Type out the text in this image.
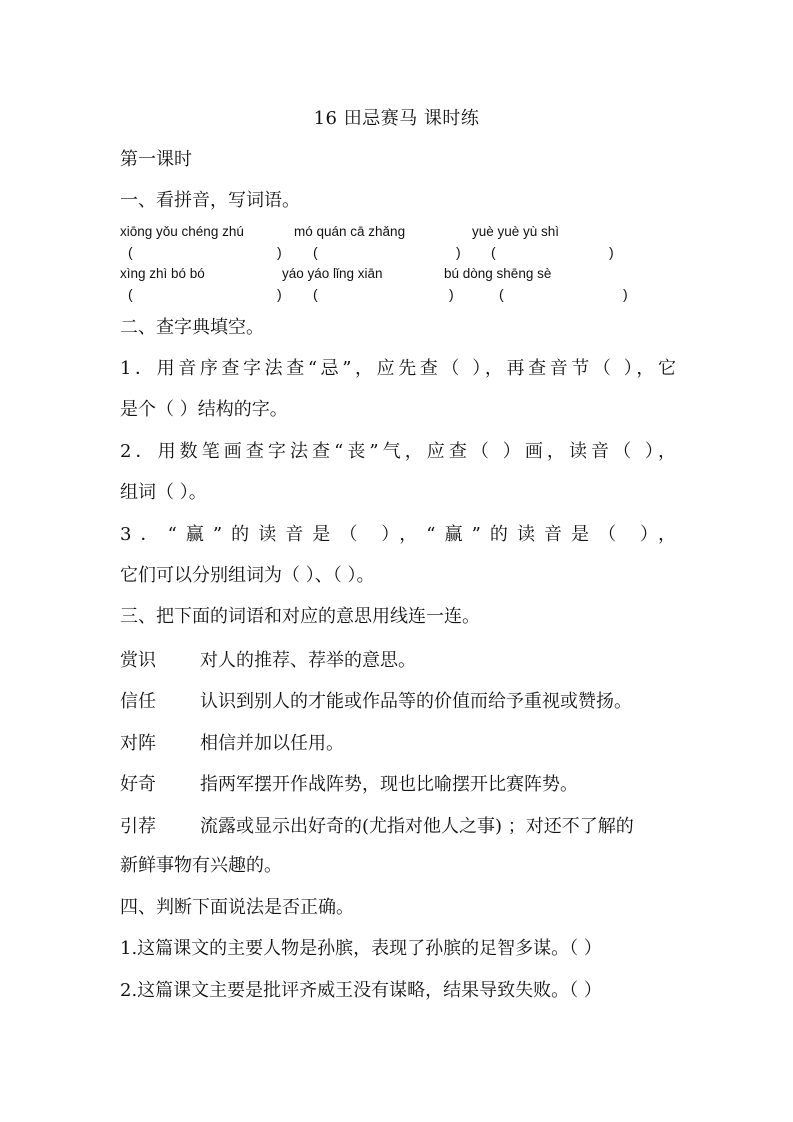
16 田忌赛马 课时练
第一课时
一、看拼音，写词语。
xiōng yǒu chéng zhú	mó quán cā zhǎng	yuè yuè yù shì
(	) (	) (	)
xìng zhì bó bó	yáo yáo lǐng xiān	bú dòng shēng sè
(	) (	)	(	)
二、查字典填空。
1．用音序查字法查“忌”，应先查（ ），再查音节（ ），它
是个（ ）结构的字。
2．用数笔画查字法查“丧”气，应查（ ）画，读音（ ），
组词（ ）。
3．“赢”的读音是（ ），“赢”的读音是（ ），
它们可以分别组词为（ ）、（ ）。
三、把下面的词语和对应的意思用线连一连。
赏识 对人的推荐、荐举的意思。
信任 认识到别人的才能或作品等的价值而给予重视或赞扬。
对阵 相信并加以任用。
好奇 指两军摆开作战阵势，现也比喻摆开比赛阵势。
引荐 流露或显示出好奇的(尤指对他人之事) ；对还不了解的
新鲜事物有兴趣的。
四、判断下面说法是否正确。
1.这篇课文的主要人物是孙膑，表现了孙膑的足智多谋。（ ）
2.这篇课文主要是批评齐威王没有谋略，结果导致失败。（ ）
